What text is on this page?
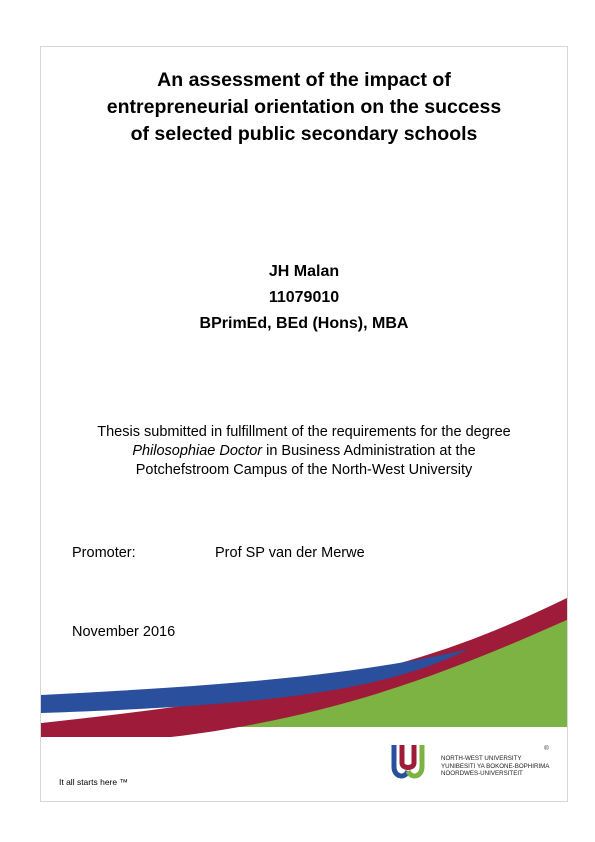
An assessment of the impact of
entrepreneurial orientation on the success
of selected public secondary schools
JH Malan
11079010
BPrimEd, BEd (Hons), MBA
Thesis submitted in fulfillment of the requirements for the degree
Philosophiae Doctor in Business Administration at the
Potchefstroom Campus of the North-West University
Promoter:	Prof SP van der Merwe
November 2016
It all starts here ™
NORTH-WEST UNIVERSITY
YUNIBESITI YA BOKONE-BOPHIRIMA
NOORDWES-UNIVERSITEIT
®
